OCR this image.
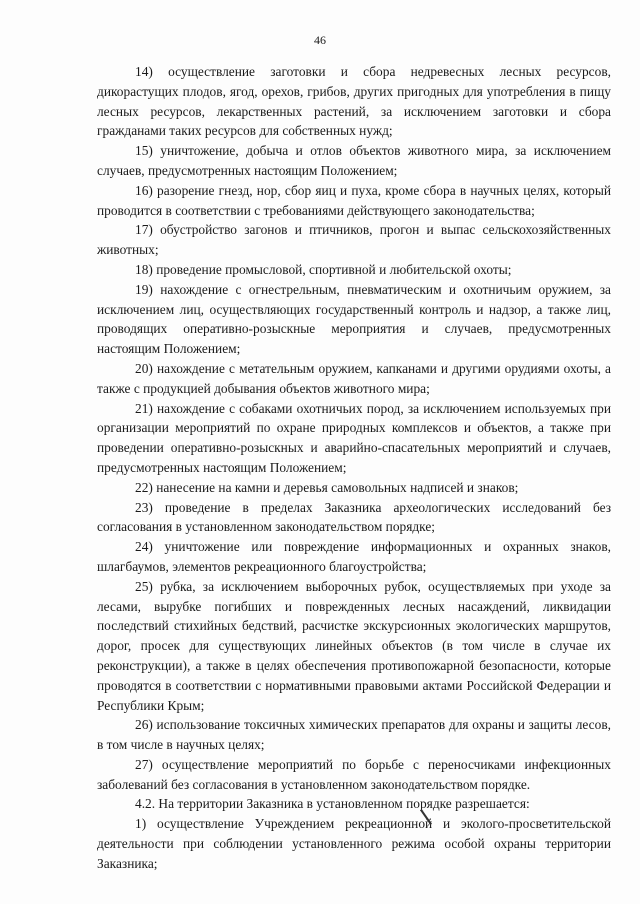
46

14) осуществление заготовки и сбора недревесных лесных ресурсов, дикорастущих плодов, ягод, орехов, грибов, других пригодных для употребления в пищу лесных ресурсов, лекарственных растений, за исключением заготовки и сбора гражданами таких ресурсов для собственных нужд;

15) уничтожение, добыча и отлов объектов животного мира, за исключением случаев, предусмотренных настоящим Положением;

16) разорение гнезд, нор, сбор яиц и пуха, кроме сбора в научных целях, который проводится в соответствии с требованиями действующего законодательства;

17) обустройство загонов и птичников, прогон и выпас сельскохозяйственных животных;

18) проведение промысловой, спортивной и любительской охоты;

19) нахождение с огнестрельным, пневматическим и охотничьим оружием, за исключением лиц, осуществляющих государственный контроль и надзор, а также лиц, проводящих оперативно-розыскные мероприятия и случаев, предусмотренных настоящим Положением;

20) нахождение с метательным оружием, капканами и другими орудиями охоты, а также с продукцией добывания объектов животного мира;

21) нахождение с собаками охотничьих пород, за исключением используемых при организации мероприятий по охране природных комплексов и объектов, а также при проведении оперативно-розыскных и аварийно-спасательных мероприятий и случаев, предусмотренных настоящим Положением;

22) нанесение на камни и деревья самовольных надписей и знаков;

23) проведение в пределах Заказника археологических исследований без согласования в установленном законодательством порядке;

24) уничтожение или повреждение информационных и охранных знаков, шлагбаумов, элементов рекреационного благоустройства;

25) рубка, за исключением выборочных рубок, осуществляемых при уходе за лесами, вырубке погибших и поврежденных лесных насаждений, ликвидации последствий стихийных бедствий, расчистке экскурсионных экологических маршрутов, дорог, просек для существующих линейных объектов (в том числе в случае их реконструкции), а также в целях обеспечения противопожарной безопасности, которые проводятся в соответствии с нормативными правовыми актами Российской Федерации и Республики Крым;

26) использование токсичных химических препаратов для охраны и защиты лесов, в том числе в научных целях;

27) осуществление мероприятий по борьбе с переносчиками инфекционных заболеваний без согласования в установленном законодательством порядке.

4.2. На территории Заказника в установленном порядке разрешается:

1) осуществление Учреждением рекреационной и эколого-просветительской деятельности при соблюдении установленного режима особой охраны территории Заказника;
